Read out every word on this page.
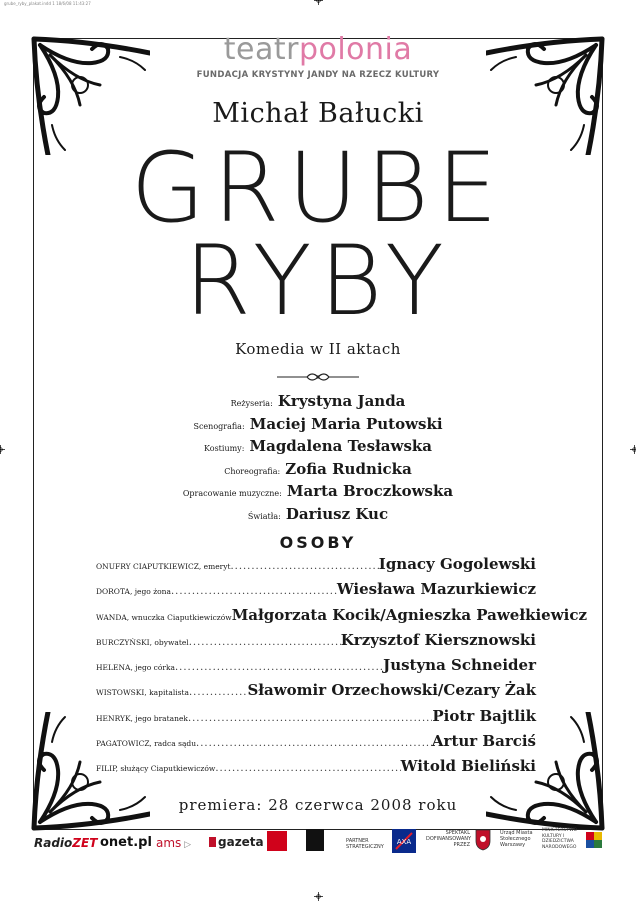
grube_ryby_plakat.indd 1 18/6/08 11:43:27
teatrpolonia
FUNDACJA KRYSTYNY JANDY NA RZECZ KULTURY
Michał Bałucki
GRUBE
RYBY
Komedia w II aktach
Reżyseria: Krystyna Janda
Scenografia: Maciej Maria Putowski
Kostiumy: Magdalena Tesławska
Choreografia: Zofia Rudnicka
Opracowanie muzyczne: Marta Broczkowska
Światła: Dariusz Kuc
OSOBY
ONUFRY CIAPUTKIEWICZ, emeryt .....	Ignacy Gogolewski
DOROTA, jego żona .....	Wiesława Mazurkiewicz
WANDA, wnuczka Ciaputkiewiczów Małgorzata Kocik/Agnieszka Pawełkiewicz
BURCZYŃSKI, obywatel .....	Krzysztof Kiersznowski
HELENA, jego córka .....	Justyna Schneider
WISTOWSKI, kapitalista .....	Sławomir Orzechowski/Cezary Żak
HENRYK, jego bratanek .....	Piotr Bajtlik
PAGATOWICZ, radca sądu .....	Artur Barciś
FILIP, służący Ciaputkiewiczów .....	Witold Bieliński
premiera: 28 czerwca 2008 roku
RadioZET onet.pl ams ▷	gazeta	PARTNER STRATEGICZNY
AXA
SPEKTAKL DOFINANSOWANY PRZEZ
Urząd Miasta Stołecznego Warszawy
MINISTERSTWO KULTURY I DZIEDZICTWA NARODOWEGO
